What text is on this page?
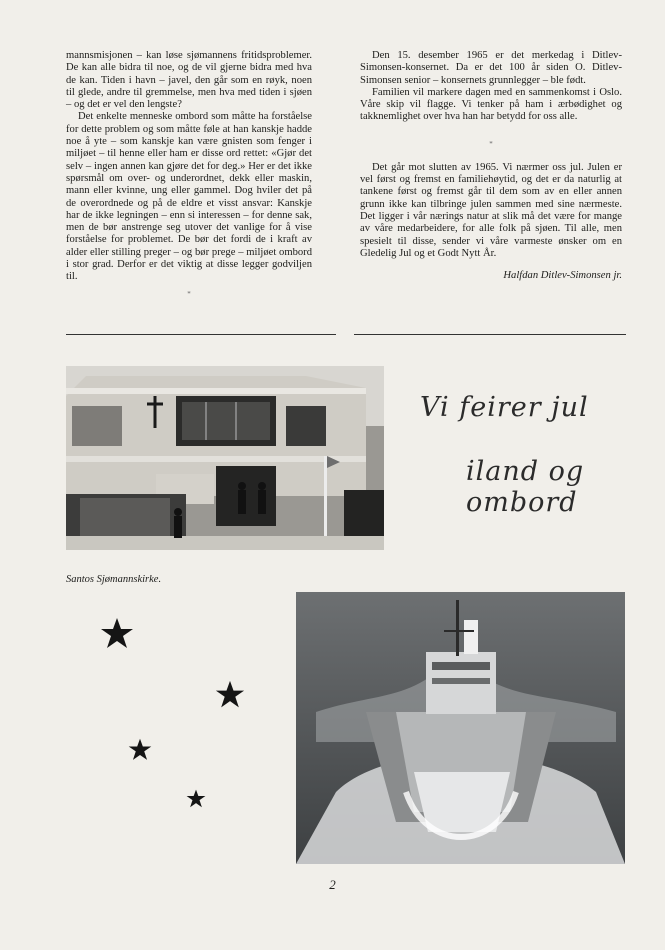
mannsmisjonen – kan løse sjømannens fritidsproblemer. De kan alle bidra til noe, og de vil gjerne bidra med hva de kan. Tiden i havn – javel, den går som en røyk, noen til glede, andre til gremmelse, men hva med tiden i sjøen – og det er vel den lengste?

Det enkelte menneske ombord som måtte ha forståelse for dette problem og som måtte føle at han kanskje hadde noe å yte – som kanskje kan være gnisten som fenger i miljøet – til henne eller ham er disse ord rettet: «Gjør det selv – ingen annen kan gjøre det for deg.» Her er det ikke spørsmål om over- og underordnet, dekk eller maskin, mann eller kvinne, ung eller gammel. Dog hviler det på de overordnede og på de eldre et visst ansvar: Kanskje har de ikke legningen – enn si interessen – for denne sak, men de bør anstrenge seg utover det vanlige for å vise forståelse for problemet. De bør det fordi de i kraft av alder eller stilling preger – og bør prege – miljøet ombord i stor grad. Derfor er det viktig at disse legger godviljen til.

*

Den 15. desember 1965 er det merkedag i Ditlev-Simonsen-konsernet. Da er det 100 år siden O. Ditlev-Simonsen senior – konsernets grunnlegger – ble født.

Familien vil markere dagen med en sammenkomst i Oslo. Våre skip vil flagge. Vi tenker på ham i ærbødighet og takknemlighet over hva han har betydd for oss alle.

*

Det går mot slutten av 1965. Vi nærmer oss jul. Julen er vel først og fremst en familiehøytid, og det er da naturlig at tankene først og fremst går til dem som av en eller annen grunn ikke kan tilbringe julen sammen med sine nærmeste. Det ligger i vår nærings natur at slik må det være for mange av våre medarbeidere, for alle folk på sjøen. Til alle, men spesielt til disse, sender vi våre varmeste ønsker om en Gledelig Jul og et Godt Nytt År.

Halfdan Ditlev-Simonsen jr.

Santos Sjømannskirke.
Vi feirer jul
iland og ombord
2
